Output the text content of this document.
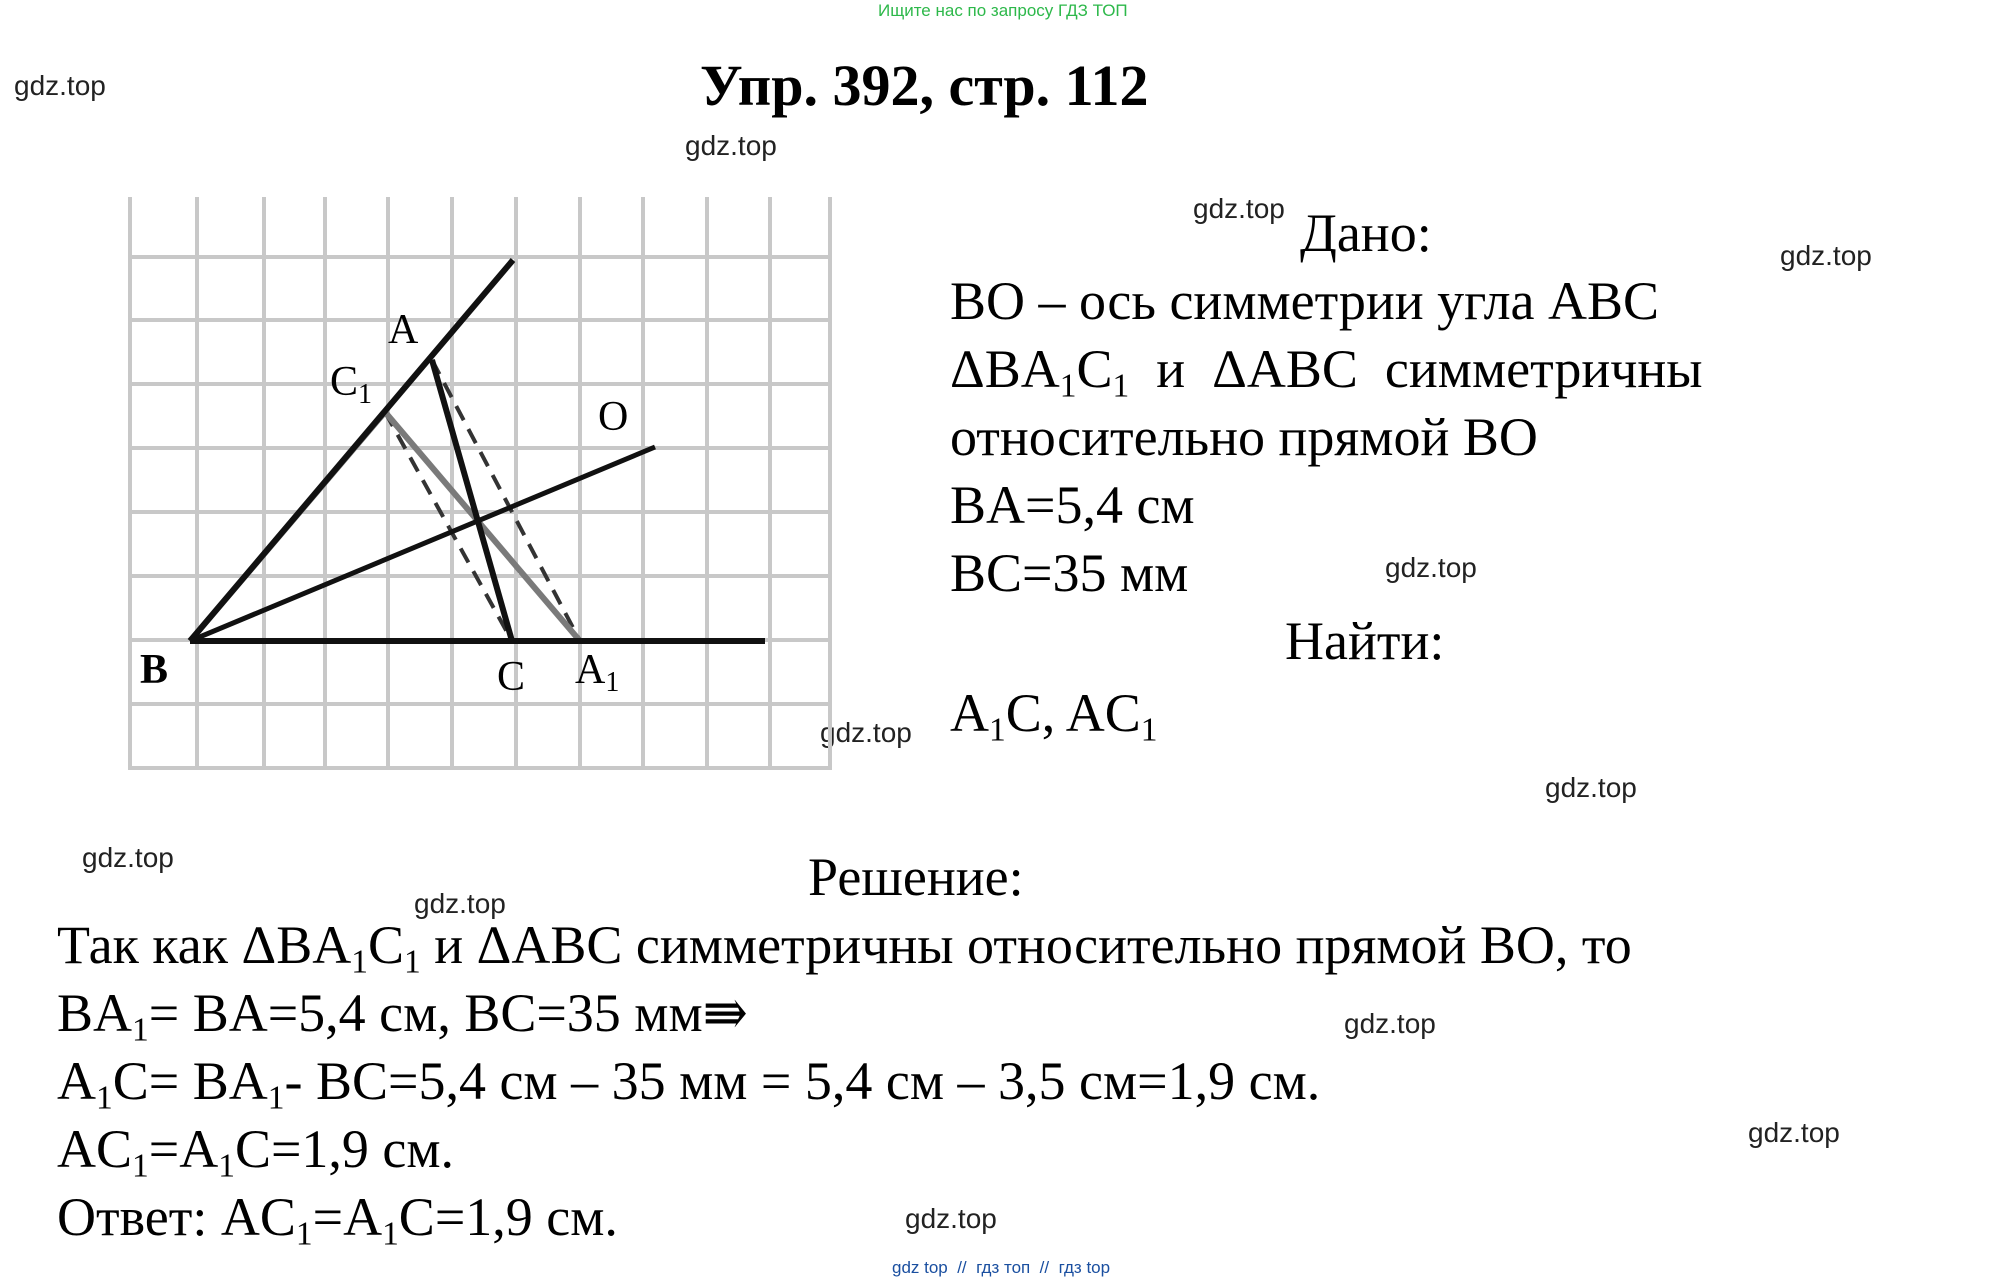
Ищите нас по запросу ГДЗ ТОП
Упр. 392, стр. 112
gdz.top
gdz.top
gdz.top
gdz.top
gdz.top
gdz.top
gdz.top
gdz.top
gdz.top
gdz.top
gdz.top
gdz.top
A
C1	O
B	C A1
Дано:
BO – ось симметрии угла ABC
$\Delta BA_1C_1$  и  ΔABC  симметричны
относительно прямой BO
BA=5,4 см
BC=35 мм
Найти:
$A_1C$, $AC_1$
Решение:
Так как $\Delta BA_1C_1$ и ΔABC симметричны относительно прямой BO, то
$BA_1= BA=5,4$ см, BC=35 мм⇛
$A_1C= BA_1-$ BC=5,4 см – 35 мм = 5,4 см – 3,5 см=1,9 см.
$AC_1=A_1C=1,9$ см.
Ответ: $AC_1=A_1C=1,9$ см.
gdz top  //  гдз топ  //  гдз top
